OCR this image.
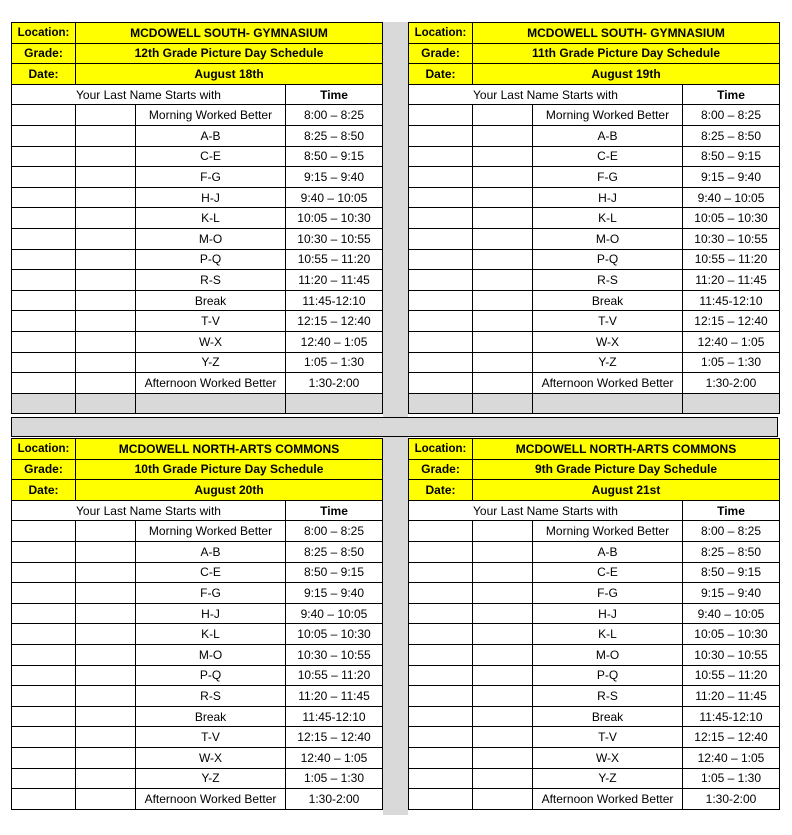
Location:	MCDOWELL SOUTH- GYMNASIUM		
Grade:	12th Grade Picture Day Schedule		
Date:	August 18th		
Your Last Name Starts with			Time
		Morning Worked Better	8:00 – 8:25
		A-B	8:25 – 8:50
		C-E	8:50 – 9:15
		F-G	9:15 – 9:40
		H-J	9:40 – 10:05
		K-L	10:05 – 10:30
		M-O	10:30 – 10:55
		P-Q	10:55 – 11:20
		R-S	11:20 – 11:45
		Break	11:45-12:10
		T-V	12:15 – 12:40
		W-X	12:40 – 1:05
		Y-Z	1:05 – 1:30
		Afternoon Worked Better	1:30-2:00

Location:	MCDOWELL SOUTH- GYMNASIUM		
Grade:	11th Grade Picture Day Schedule		
Date:	August 19th		
Your Last Name Starts with			Time
		Morning Worked Better	8:00 – 8:25
		A-B	8:25 – 8:50
		C-E	8:50 – 9:15
		F-G	9:15 – 9:40
		H-J	9:40 – 10:05
		K-L	10:05 – 10:30
		M-O	10:30 – 10:55
		P-Q	10:55 – 11:20
		R-S	11:20 – 11:45
		Break	11:45-12:10
		T-V	12:15 – 12:40
		W-X	12:40 – 1:05
		Y-Z	1:05 – 1:30
		Afternoon Worked Better	1:30-2:00

Location:	MCDOWELL NORTH-ARTS COMMONS		
Grade:	10th Grade Picture Day Schedule		
Date:	August 20th		
Your Last Name Starts with			Time
		Morning Worked Better	8:00 – 8:25
		A-B	8:25 – 8:50
		C-E	8:50 – 9:15
		F-G	9:15 – 9:40
		H-J	9:40 – 10:05
		K-L	10:05 – 10:30
		M-O	10:30 – 10:55
		P-Q	10:55 – 11:20
		R-S	11:20 – 11:45
		Break	11:45-12:10
		T-V	12:15 – 12:40
		W-X	12:40 – 1:05
		Y-Z	1:05 – 1:30
		Afternoon Worked Better	1:30-2:00
Location:	MCDOWELL NORTH-ARTS COMMONS		
Grade:	9th Grade Picture Day Schedule		
Date:	August 21st		
Your Last Name Starts with			Time
		Morning Worked Better	8:00 – 8:25
		A-B	8:25 – 8:50
		C-E	8:50 – 9:15
		F-G	9:15 – 9:40
		H-J	9:40 – 10:05
		K-L	10:05 – 10:30
		M-O	10:30 – 10:55
		P-Q	10:55 – 11:20
		R-S	11:20 – 11:45
		Break	11:45-12:10
		T-V	12:15 – 12:40
		W-X	12:40 – 1:05
		Y-Z	1:05 – 1:30
		Afternoon Worked Better	1:30-2:00
